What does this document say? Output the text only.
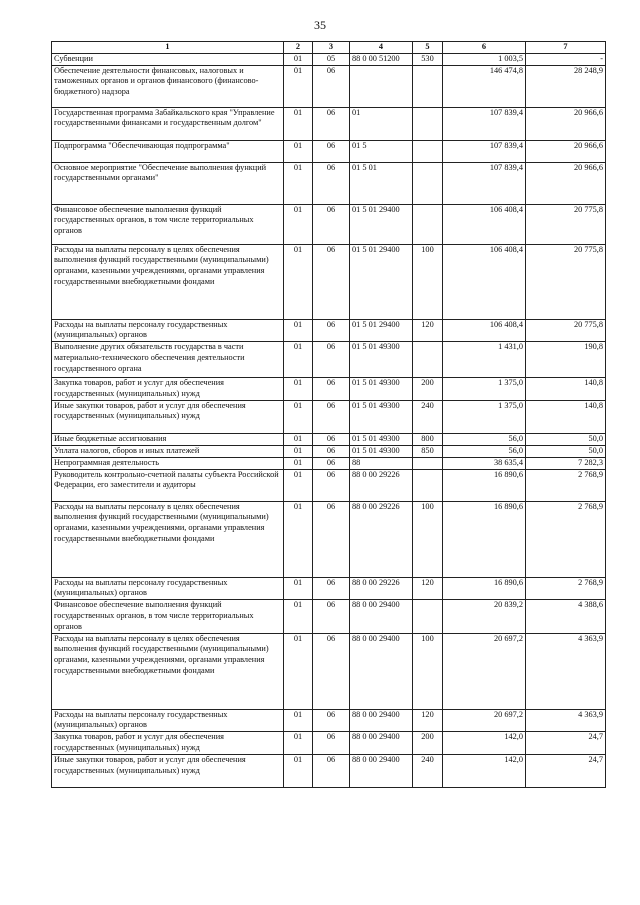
35
1	2	3	4	5	6	7
Субвенции	01	05	88 0 00 51200	530	1 003,5	-
Обеспечение деятельности финансовых, налоговых и таможенных органов и органов финансового (финансово-бюджетного) надзора	01	06			146 474,8	28 248,9
Государственная программа Забайкальского края "Управление государственными финансами и государственным долгом"	01	06	01		107 839,4	20 966,6
Подпрограмма "Обеспечивающая подпрограмма"	01	06	01 5		107 839,4	20 966,6
Основное мероприятие "Обеспечение выполнения функций государственными органами"	01	06	01 5 01		107 839,4	20 966,6
Финансовое обеспечение выполнения функций государственных органов, в том числе территориальных органов	01	06	01 5 01 29400		106 408,4	20 775,8
Расходы на выплаты персоналу в целях обеспечения выполнения функций государственными (муниципальными) органами, казенными учреждениями, органами управления государственными внебюджетными фондами	01	06	01 5 01 29400	100	106 408,4	20 775,8
Расходы на выплаты персоналу государственных (муниципальных) органов	01	06	01 5 01 29400	120	106 408,4	20 775,8
Выполнение других обязательств государства в части материально-технического обеспечения деятельности государственного органа	01	06	01 5 01 49300		1 431,0	190,8
Закупка товаров, работ и услуг для обеспечения государственных (муниципальных) нужд	01	06	01 5 01 49300	200	1 375,0	140,8
Иные закупки товаров, работ и услуг для обеспечения государственных (муниципальных) нужд	01	06	01 5 01 49300	240	1 375,0	140,8
Иные бюджетные ассигнования	01	06	01 5 01 49300	800	56,0	50,0
Уплата налогов, сборов и иных платежей	01	06	01 5 01 49300	850	56,0	50,0
Непрограммная деятельность	01	06	88		38 635,4	7 282,3
Руководитель контрольно-счетной палаты субъекта Российской Федерации, его заместители и аудиторы	01	06	88 0 00 29226		16 890,6	2 768,9
Расходы на выплаты персоналу в целях обеспечения выполнения функций государственными (муниципальными) органами, казенными учреждениями, органами управления государственными внебюджетными фондами	01	06	88 0 00 29226	100	16 890,6	2 768,9
Расходы на выплаты персоналу государственных (муниципальных) органов	01	06	88 0 00 29226	120	16 890,6	2 768,9
Финансовое обеспечение выполнения функций государственных органов, в том числе территориальных органов	01	06	88 0 00 29400		20 839,2	4 388,6
Расходы на выплаты персоналу в целях обеспечения выполнения функций государственными (муниципальными) органами, казенными учреждениями, органами управления государственными внебюджетными фондами	01	06	88 0 00 29400	100	20 697,2	4 363,9
Расходы на выплаты персоналу государственных (муниципальных) органов	01	06	88 0 00 29400	120	20 697,2	4 363,9
Закупка товаров, работ и услуг для обеспечения государственных (муниципальных) нужд	01	06	88 0 00 29400	200	142,0	24,7
Иные закупки товаров, работ и услуг для обеспечения государственных (муниципальных) нужд	01	06	88 0 00 29400	240	142,0	24,7
